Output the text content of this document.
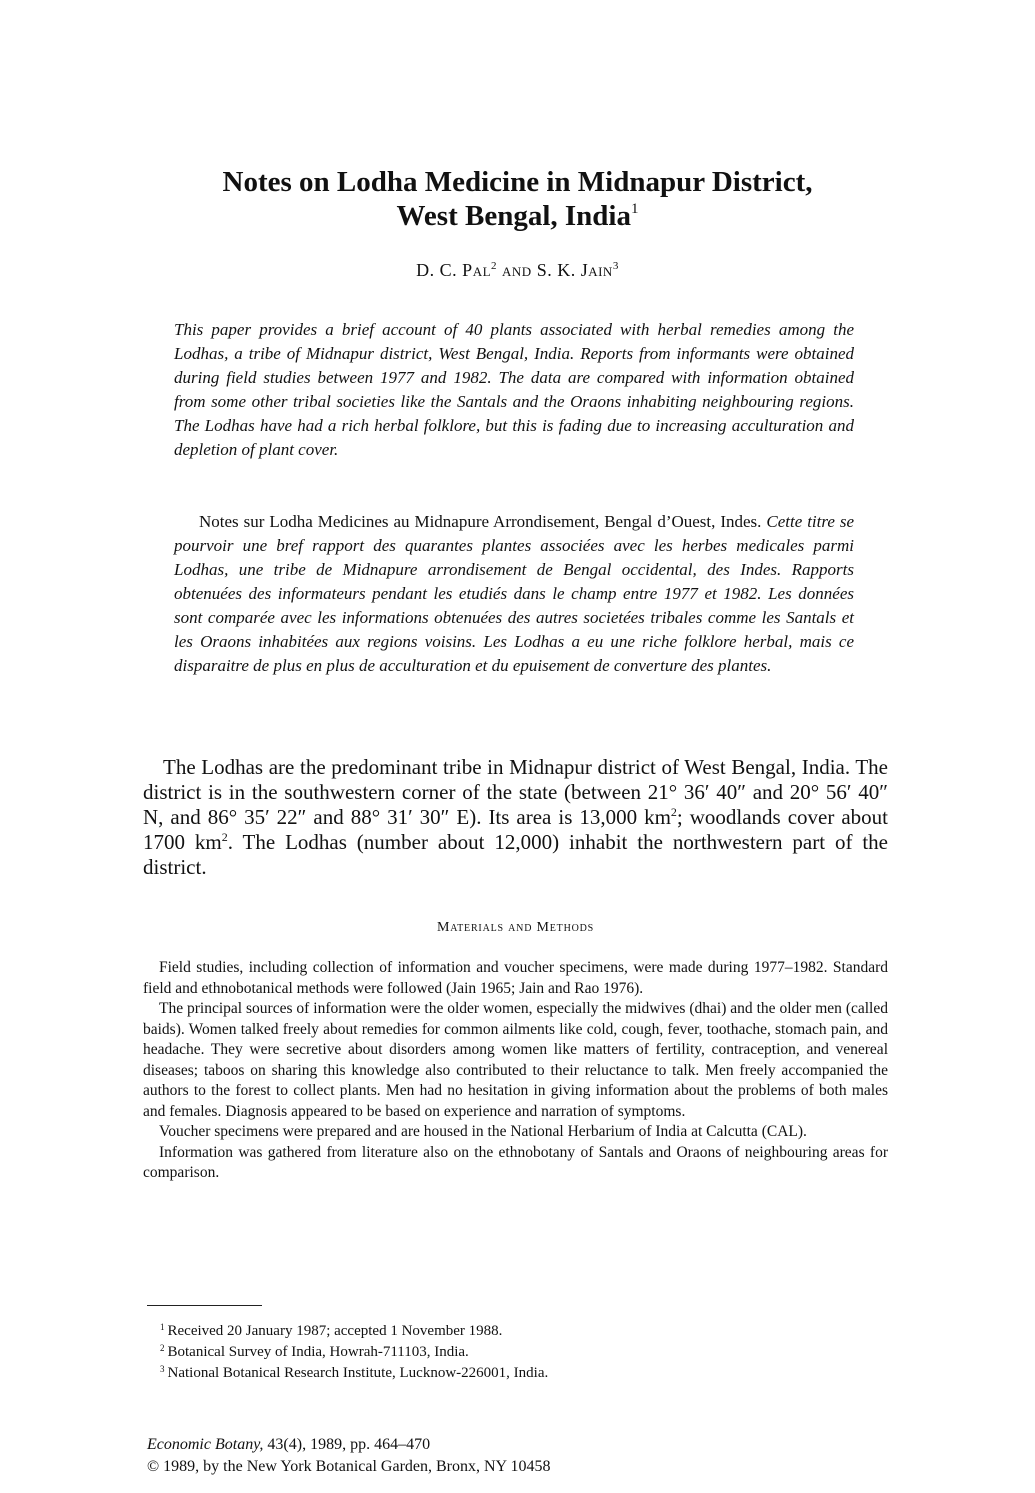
Notes on Lodha Medicine in Midnapur District,
West Bengal, India$^1$
D. C. Pal$^2$ and S. K. Jain$^3$

This paper provides a brief account of 40 plants associated with herbal remedies among the Lodhas, a tribe of Midnapur district, West Bengal, India. Reports from informants were obtained during field studies between 1977 and 1982. The data are compared with information obtained from some other tribal societies like the Santals and the Oraons inhabiting neighbouring regions. The Lodhas have had a rich herbal folklore, but this is fading due to increasing acculturation and depletion of plant cover.

Notes sur Lodha Medicines au Midnapure Arrondisement, Bengal d’Ouest, Indes. Cette titre se pourvoir une bref rapport des quarantes plantes associées avec les herbes medicales parmi Lodhas, une tribe de Midnapure arrondisement de Bengal occidental, des Indes. Rapports obtenuées des informateurs pendant les etudiés dans le champ entre 1977 et 1982. Les données sont comparée avec les informations obtenuées des autres societées tribales comme les Santals et les Oraons inhabitées aux regions voisins. Les Lodhas a eu une riche folklore herbal, mais ce disparaitre de plus en plus de acculturation et du epuisement de converture des plantes.

The Lodhas are the predominant tribe in Midnapur district of West Bengal, India. The district is in the southwestern corner of the state (between 21° 36′ 40″ and 20° 56′ 40″ N, and 86° 35′ 22″ and 88° 31′ 30″ E). Its area is 13,000 $km^2$; woodlands cover about 1700 $km^2$. The Lodhas (number about 12,000) inhabit the northwestern part of the district.

Materials and Methods

Field studies, including collection of information and voucher specimens, were made during 1977–1982. Standard field and ethnobotanical methods were followed (Jain 1965; Jain and Rao 1976).

The principal sources of information were the older women, especially the midwives (dhai) and the older men (called baids). Women talked freely about remedies for common ailments like cold, cough, fever, toothache, stomach pain, and headache. They were secretive about disorders among women like matters of fertility, contraception, and venereal diseases; taboos on sharing this knowledge also contributed to their reluctance to talk. Men freely accompanied the authors to the forest to collect plants. Men had no hesitation in giving information about the problems of both males and females. Diagnosis appeared to be based on experience and narration of symptoms.

Voucher specimens were prepared and are housed in the National Herbarium of India at Calcutta (CAL).

Information was gathered from literature also on the ethnobotany of Santals and Oraons of neighbouring areas for comparison.

$^1$ Received 20 January 1987; accepted 1 November 1988.

$^2$ Botanical Survey of India, Howrah-711103, India.

$^3$ National Botanical Research Institute, Lucknow-226001, India.

Economic Botany, 43(4), 1989, pp. 464–470
© 1989, by the New York Botanical Garden, Bronx, NY 10458
